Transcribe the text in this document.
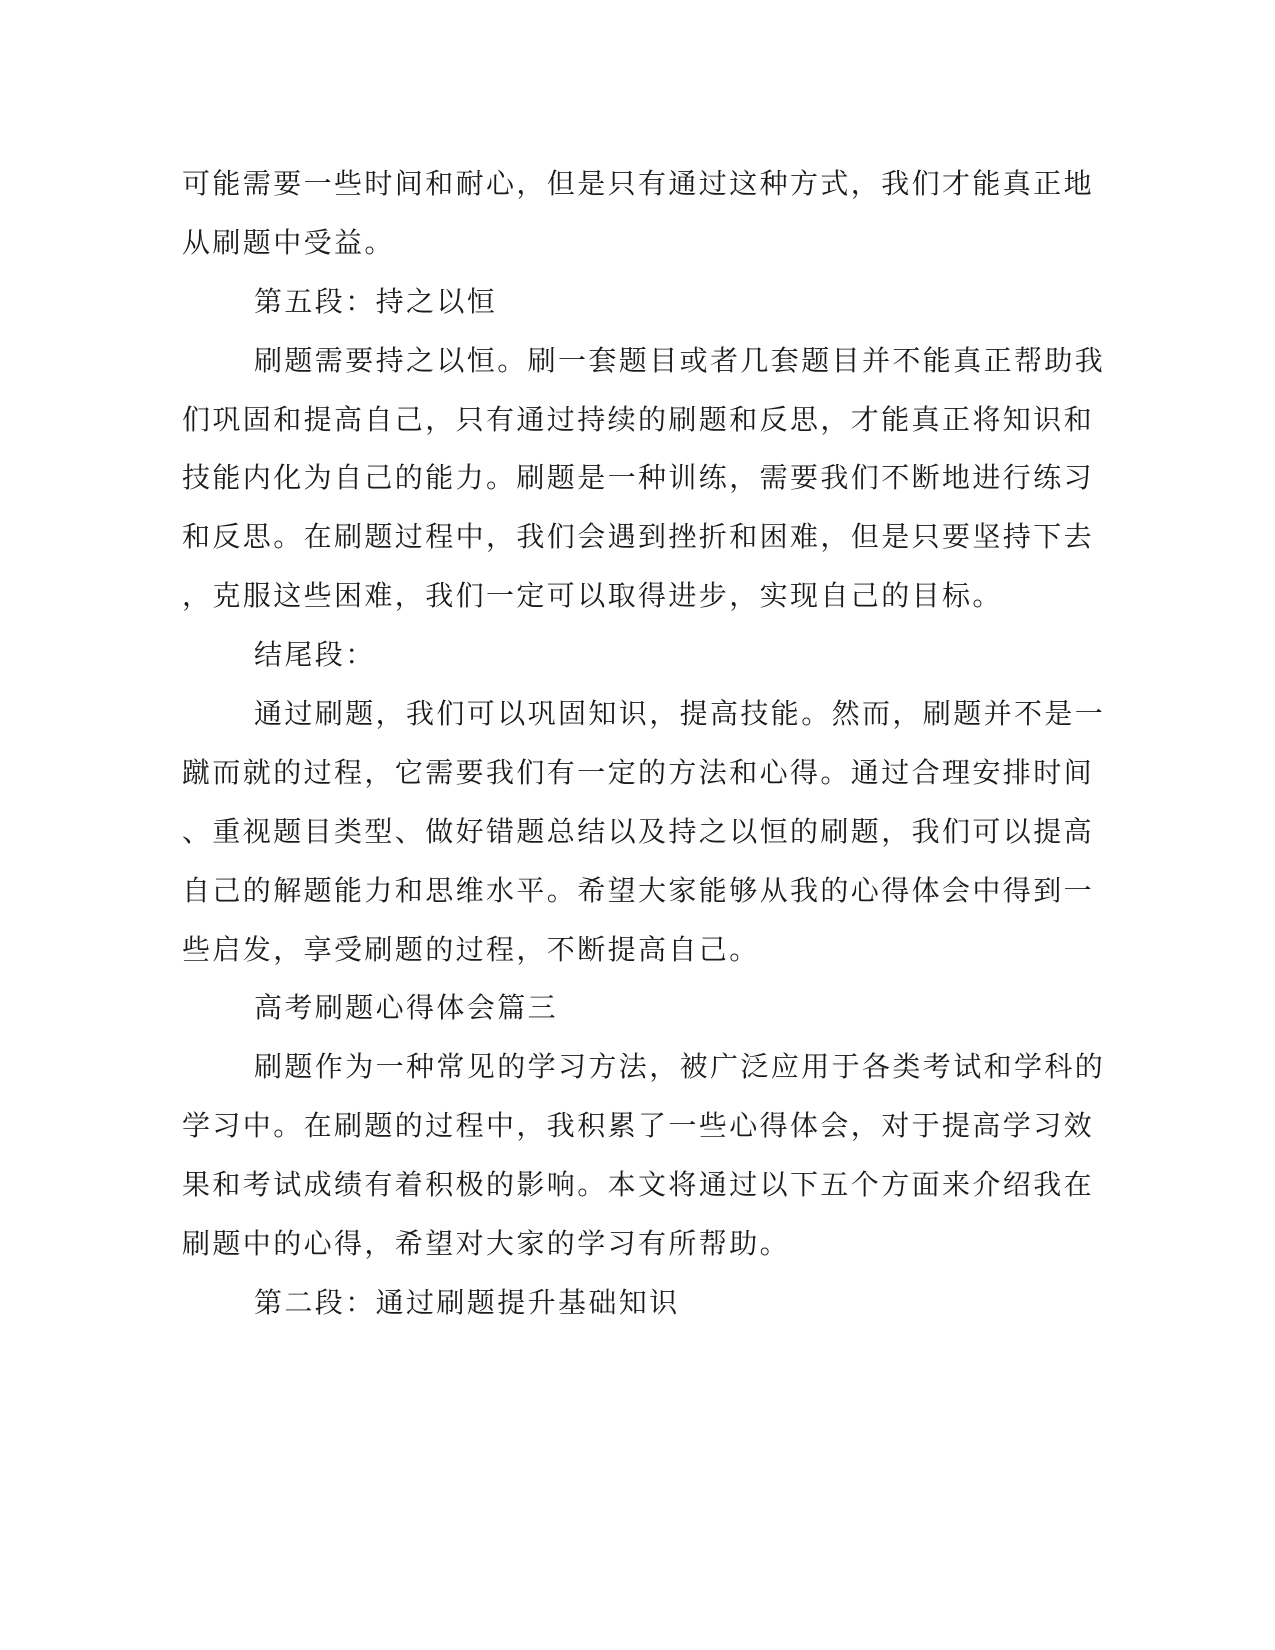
可能需要一些时间和耐心，但是只有通过这种方式，我们才能真正地
从刷题中受益。
第五段：持之以恒
刷题需要持之以恒。刷一套题目或者几套题目并不能真正帮助我
们巩固和提高自己，只有通过持续的刷题和反思，才能真正将知识和
技能内化为自己的能力。刷题是一种训练，需要我们不断地进行练习
和反思。在刷题过程中，我们会遇到挫折和困难，但是只要坚持下去
，克服这些困难，我们一定可以取得进步，实现自己的目标。
结尾段：
通过刷题，我们可以巩固知识，提高技能。然而，刷题并不是一
蹴而就的过程，它需要我们有一定的方法和心得。通过合理安排时间
、重视题目类型、做好错题总结以及持之以恒的刷题，我们可以提高
自己的解题能力和思维水平。希望大家能够从我的心得体会中得到一
些启发，享受刷题的过程，不断提高自己。
高考刷题心得体会篇三
刷题作为一种常见的学习方法，被广泛应用于各类考试和学科的
学习中。在刷题的过程中，我积累了一些心得体会，对于提高学习效
果和考试成绩有着积极的影响。本文将通过以下五个方面来介绍我在
刷题中的心得，希望对大家的学习有所帮助。
第二段：通过刷题提升基础知识
